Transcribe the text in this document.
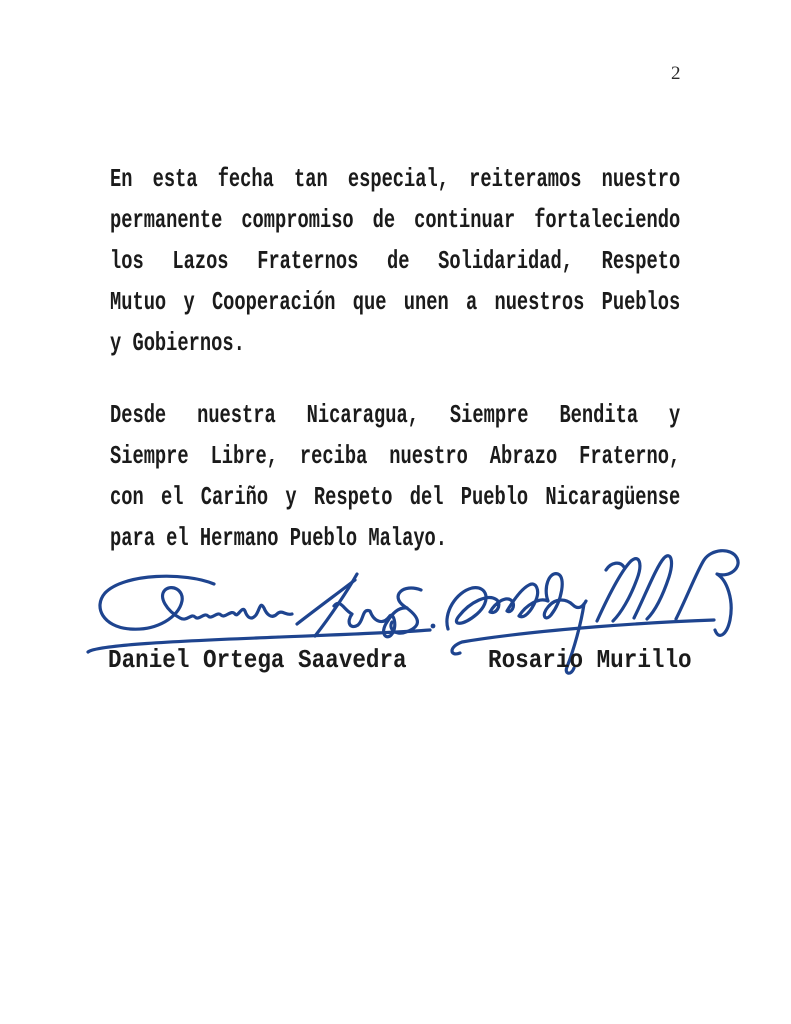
2
En esta fecha tan especial, reiteramos nuestro
permanente compromiso de continuar fortaleciendo
los Lazos Fraternos de Solidaridad, Respeto
Mutuo y Cooperación que unen a nuestros Pueblos
y Gobiernos.
Desde nuestra Nicaragua, Siempre Bendita y
Siempre Libre, reciba nuestro Abrazo Fraterno,
con el Cariño y Respeto del Pueblo Nicaragüense
para el Hermano Pueblo Malayo.
Daniel Ortega Saavedra	Rosario Murillo
